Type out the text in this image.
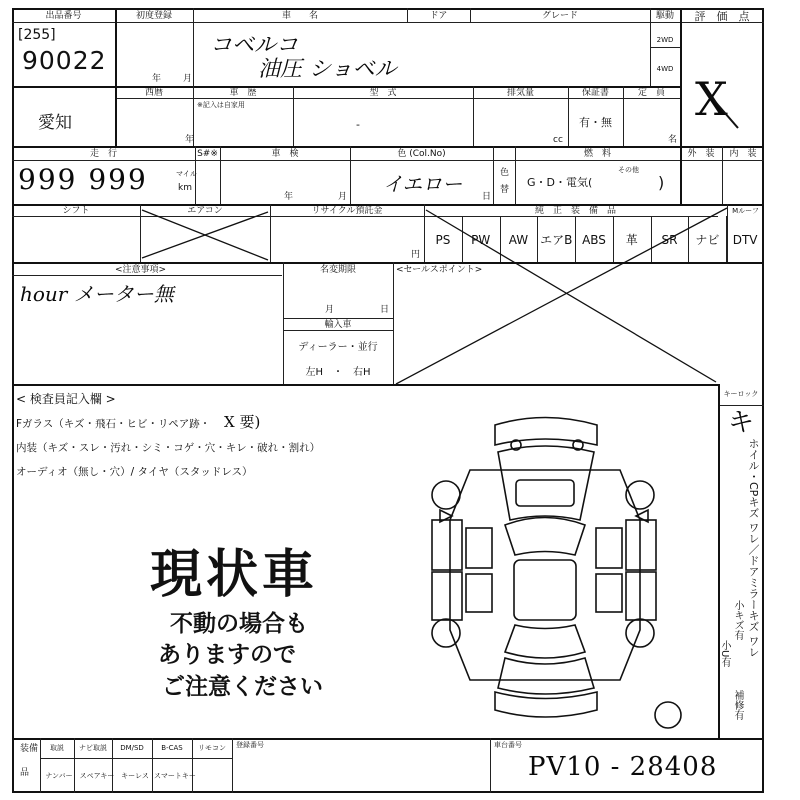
出品番号
[255]
90022
初度登録
年 月
車　　名	ドア	グレード	駆動
2WD
4WD
評　価　点
コベルコ
油圧 ショベル
X
愛知
西暦
年
車　歴
※記入は自家用
型　式
-
排気量
cc
保証書
有・無
定　員
名
走　行
999 999	マイル
km
S#※	車　検
年	月	日
色 (Col.No)
イエロー	色
替
燃　料
その他
G・D・電気(	)
外　装	内　装
シフト	エアコン	リサイクル預託金
円
純　正　装　備　品	Mルーフ
PS	PW	AW エアB ABS	革	SR	ナビ	DTV
<注意事項>
hour メーター無
名変期限
月	日
輸入車
ディーラー・並行
左H　・　右H
<セールスポイント>
< 検査員記入欄 >
Fガラス（キズ・飛石・ヒビ・リペア跡・ X 要)
内装（キズ・スレ・汚れ・シミ・コゲ・穴・キレ・破れ・割れ）
オーディオ（無し・穴）/ タイヤ（スタッドレス）
現状車
不動の場合も
ありますので
ご注意ください
キーロック
キ
ホイル・CPキズ ワレ／ドアミラーキズ ワレ
小キズ有
小U有
補修有
装備
品
取説	ナビ取説	DM/SD	B-CAS	リモコン
ナンバー	スペアキー キーレス スマートキー
登録番号	車台番号
PV10 - 28408
